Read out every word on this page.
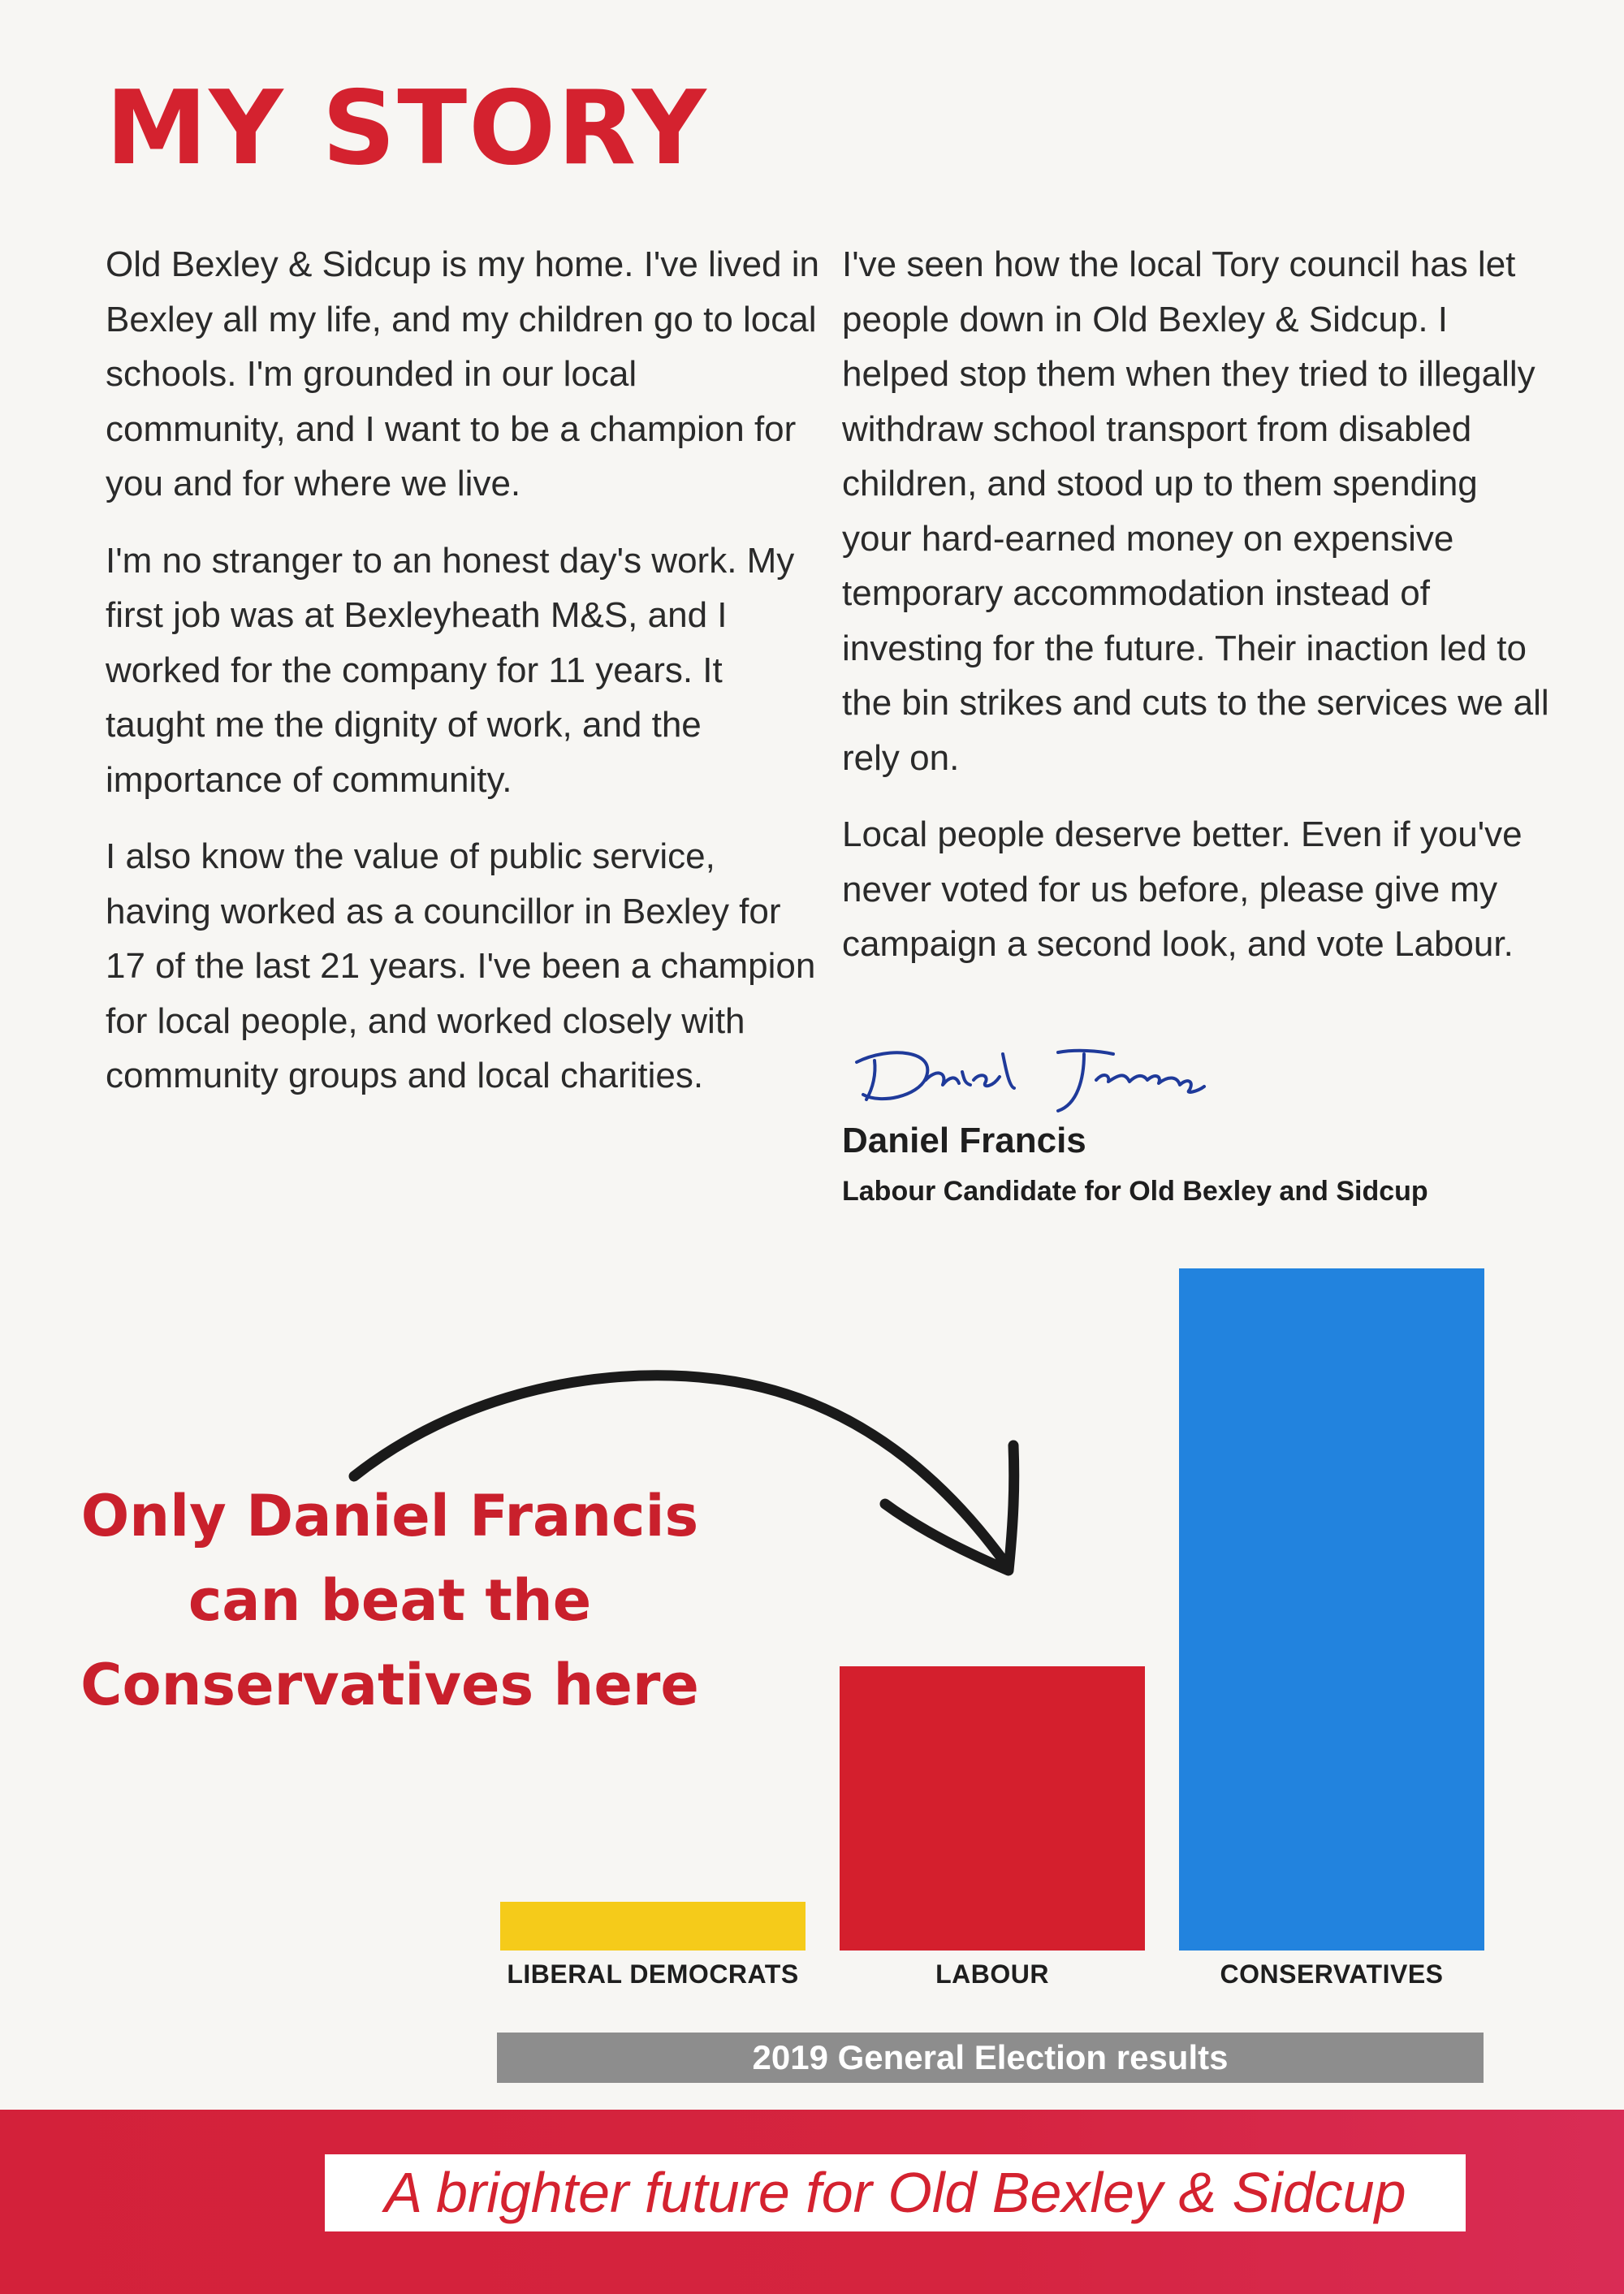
MY STORY

Old Bexley & Sidcup is my home. I've lived in Bexley all my life, and my children go to local schools. I'm grounded in our local community, and I want to be a champion for you and for where we live.

I'm no stranger to an honest day's work. My first job was at Bexleyheath M&S, and I worked for the company for 11 years. It taught me the dignity of work, and the importance of community.

I also know the value of public service, having worked as a councillor in Bexley for 17 of the last 21 years. I've been a champion for local people, and worked closely with community groups and local charities.

I've seen how the local Tory council has let people down in Old Bexley & Sidcup. I helped stop them when they tried to illegally withdraw school transport from disabled children, and stood up to them spending your hard-earned money on expensive temporary accommodation instead of investing for the future. Their inaction led to the bin strikes and cuts to the services we all rely on.

Local people deserve better. Even if you've never voted for us before, please give my campaign a second look, and vote Labour.

Daniel Francis
Labour Candidate for Old Bexley and Sidcup
Only Daniel Francis
can beat the
Conservatives here
LIBERAL DEMOCRATS	LABOUR	CONSERVATIVES
2019 General Election results
A brighter future for Old Bexley & Sidcup
